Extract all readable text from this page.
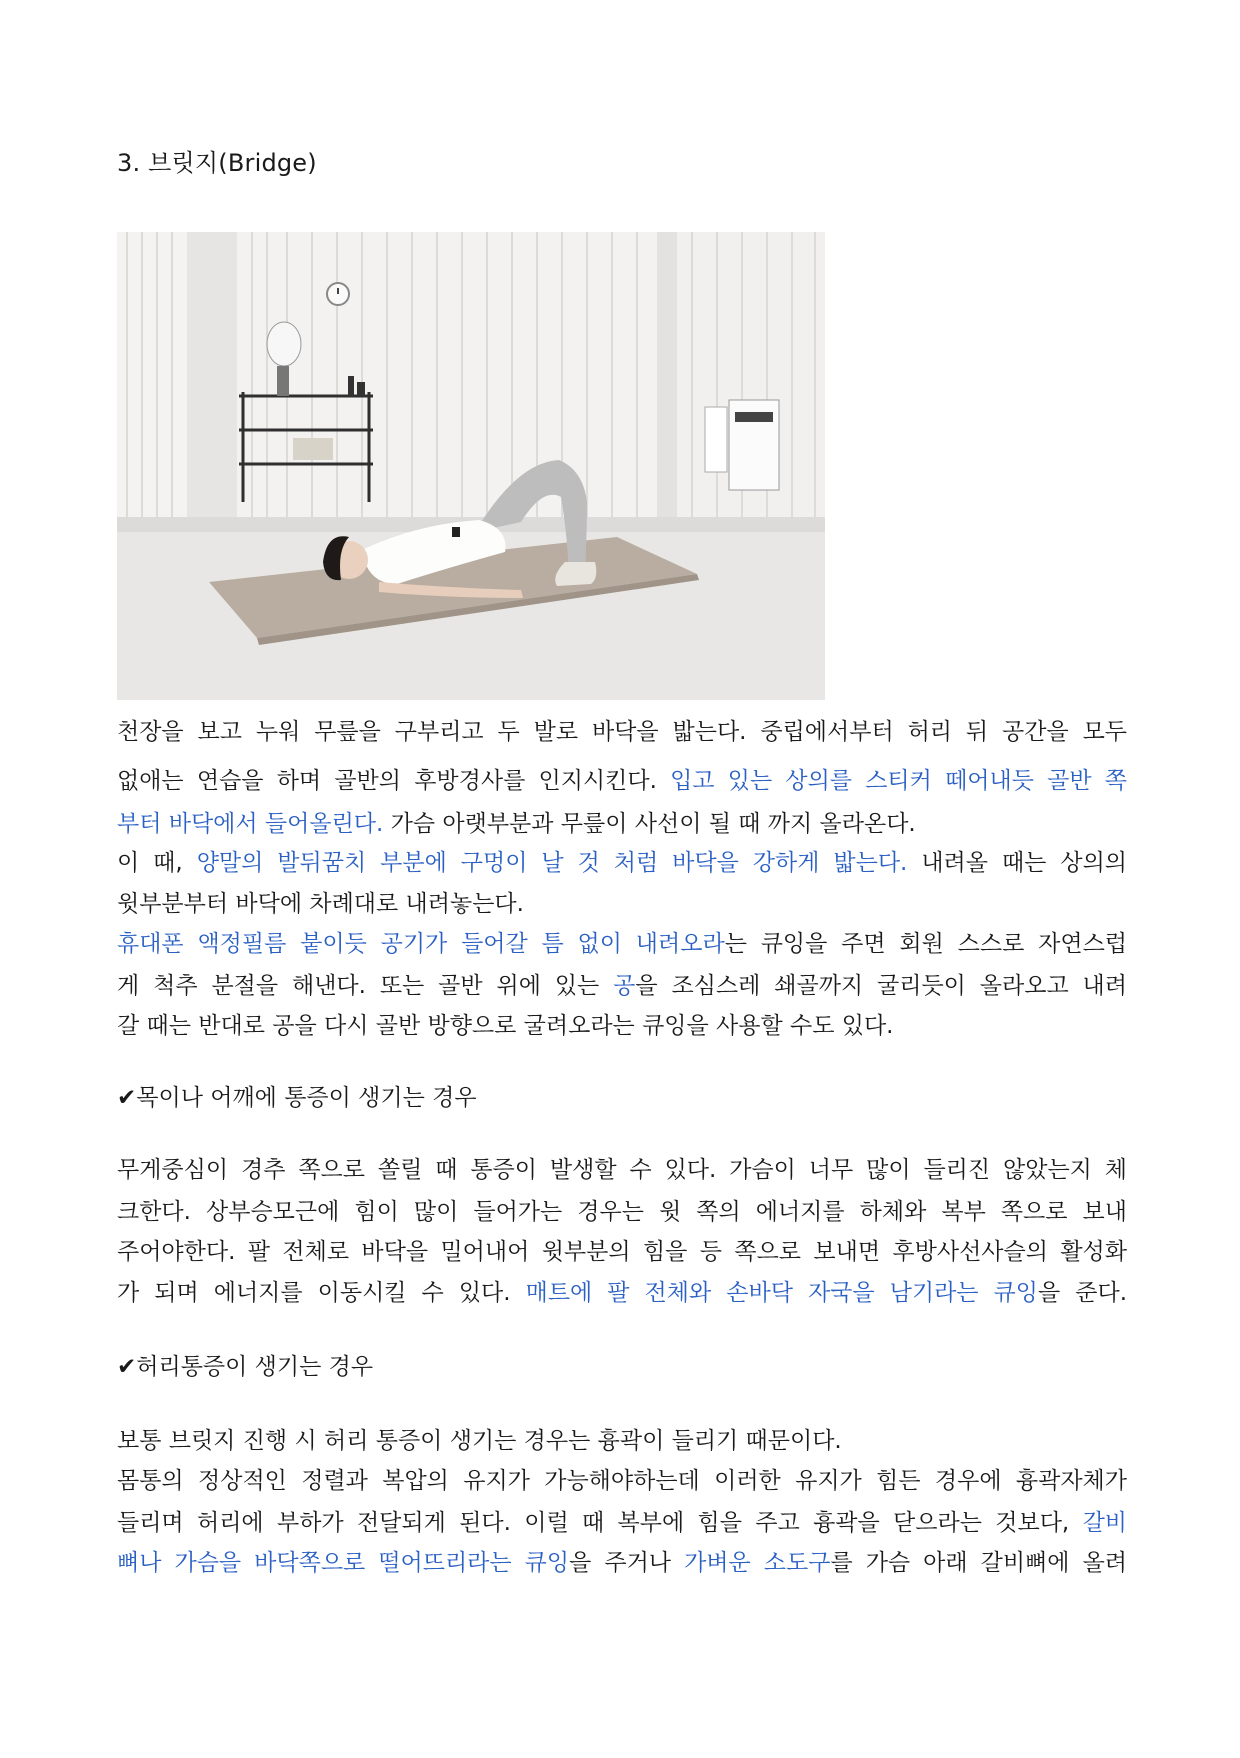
3. 브릿지(Bridge)
천장을 보고 누워 무릎을 구부리고 두 발로 바닥을 밟는다. 중립에서부터 허리 뒤 공간을 모두
없애는 연습을 하며 골반의 후방경사를 인지시킨다. 입고 있는 상의를 스티커 떼어내듯 골반 쪽
부터 바닥에서 들어올린다. 가슴 아랫부분과 무릎이 사선이 될 때 까지 올라온다.
이 때, 양말의 발뒤꿈치 부분에 구멍이 날 것 처럼 바닥을 강하게 밟는다. 내려올 때는 상의의
윗부분부터 바닥에 차례대로 내려놓는다.
휴대폰 액정필름 붙이듯 공기가 들어갈 틈 없이 내려오라는 큐잉을 주면 회원 스스로 자연스럽
게 척추 분절을 해낸다. 또는 골반 위에 있는 공을 조심스레 쇄골까지 굴리듯이 올라오고 내려
갈 때는 반대로 공을 다시 골반 방향으로 굴려오라는 큐잉을 사용할 수도 있다.
✔목이나 어깨에 통증이 생기는 경우
무게중심이 경추 쪽으로 쏠릴 때 통증이 발생할 수 있다. 가슴이 너무 많이 들리진 않았는지 체
크한다. 상부승모근에 힘이 많이 들어가는 경우는 윗 쪽의 에너지를 하체와 복부 쪽으로 보내
주어야한다. 팔 전체로 바닥을 밀어내어 윗부분의 힘을 등 쪽으로 보내면 후방사선사슬의 활성화
가 되며 에너지를 이동시킬 수 있다. 매트에 팔 전체와 손바닥 자국을 남기라는 큐잉을 준다.
✔허리통증이 생기는 경우
보통 브릿지 진행 시 허리 통증이 생기는 경우는 흉곽이 들리기 때문이다.
몸통의 정상적인 정렬과 복압의 유지가 가능해야하는데 이러한 유지가 힘든 경우에 흉곽자체가
들리며 허리에 부하가 전달되게 된다. 이럴 때 복부에 힘을 주고 흉곽을 닫으라는 것보다, 갈비
뼈나 가슴을 바닥쪽으로 떨어뜨리라는 큐잉을 주거나 가벼운 소도구를 가슴 아래 갈비뼈에 올려
